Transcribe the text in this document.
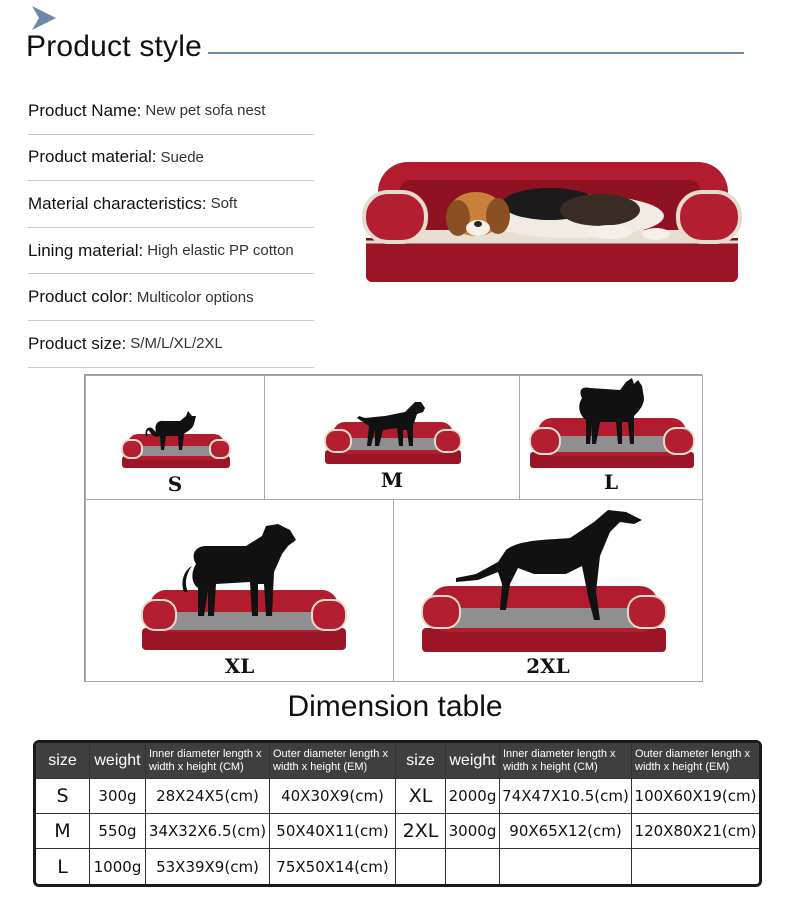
Product style
Product Name: New pet sofa nest
Product material: Suede
Material characteristics: Soft
Lining material: High elastic PP cotton
Product color: Multicolor options
Product size: S/M/L/XL/2XL
S	M	L
XL	2XL
Dimension table
size	weight	Inner diameter length x width x height (CM)	Outer diameter length x width x height (EM)	size	weight	Inner diameter length x width x height (CM)	Outer diameter length x width x height (EM)
S	300g	28X24X5(cm)	40X30X9(cm)	XL	2000g	74X47X10.5(cm)	100X60X19(cm)
M	550g	34X32X6.5(cm)	50X40X11(cm)	2XL	3000g	90X65X12(cm)	120X80X21(cm)
L	1000g	53X39X9(cm)	75X50X14(cm)				
